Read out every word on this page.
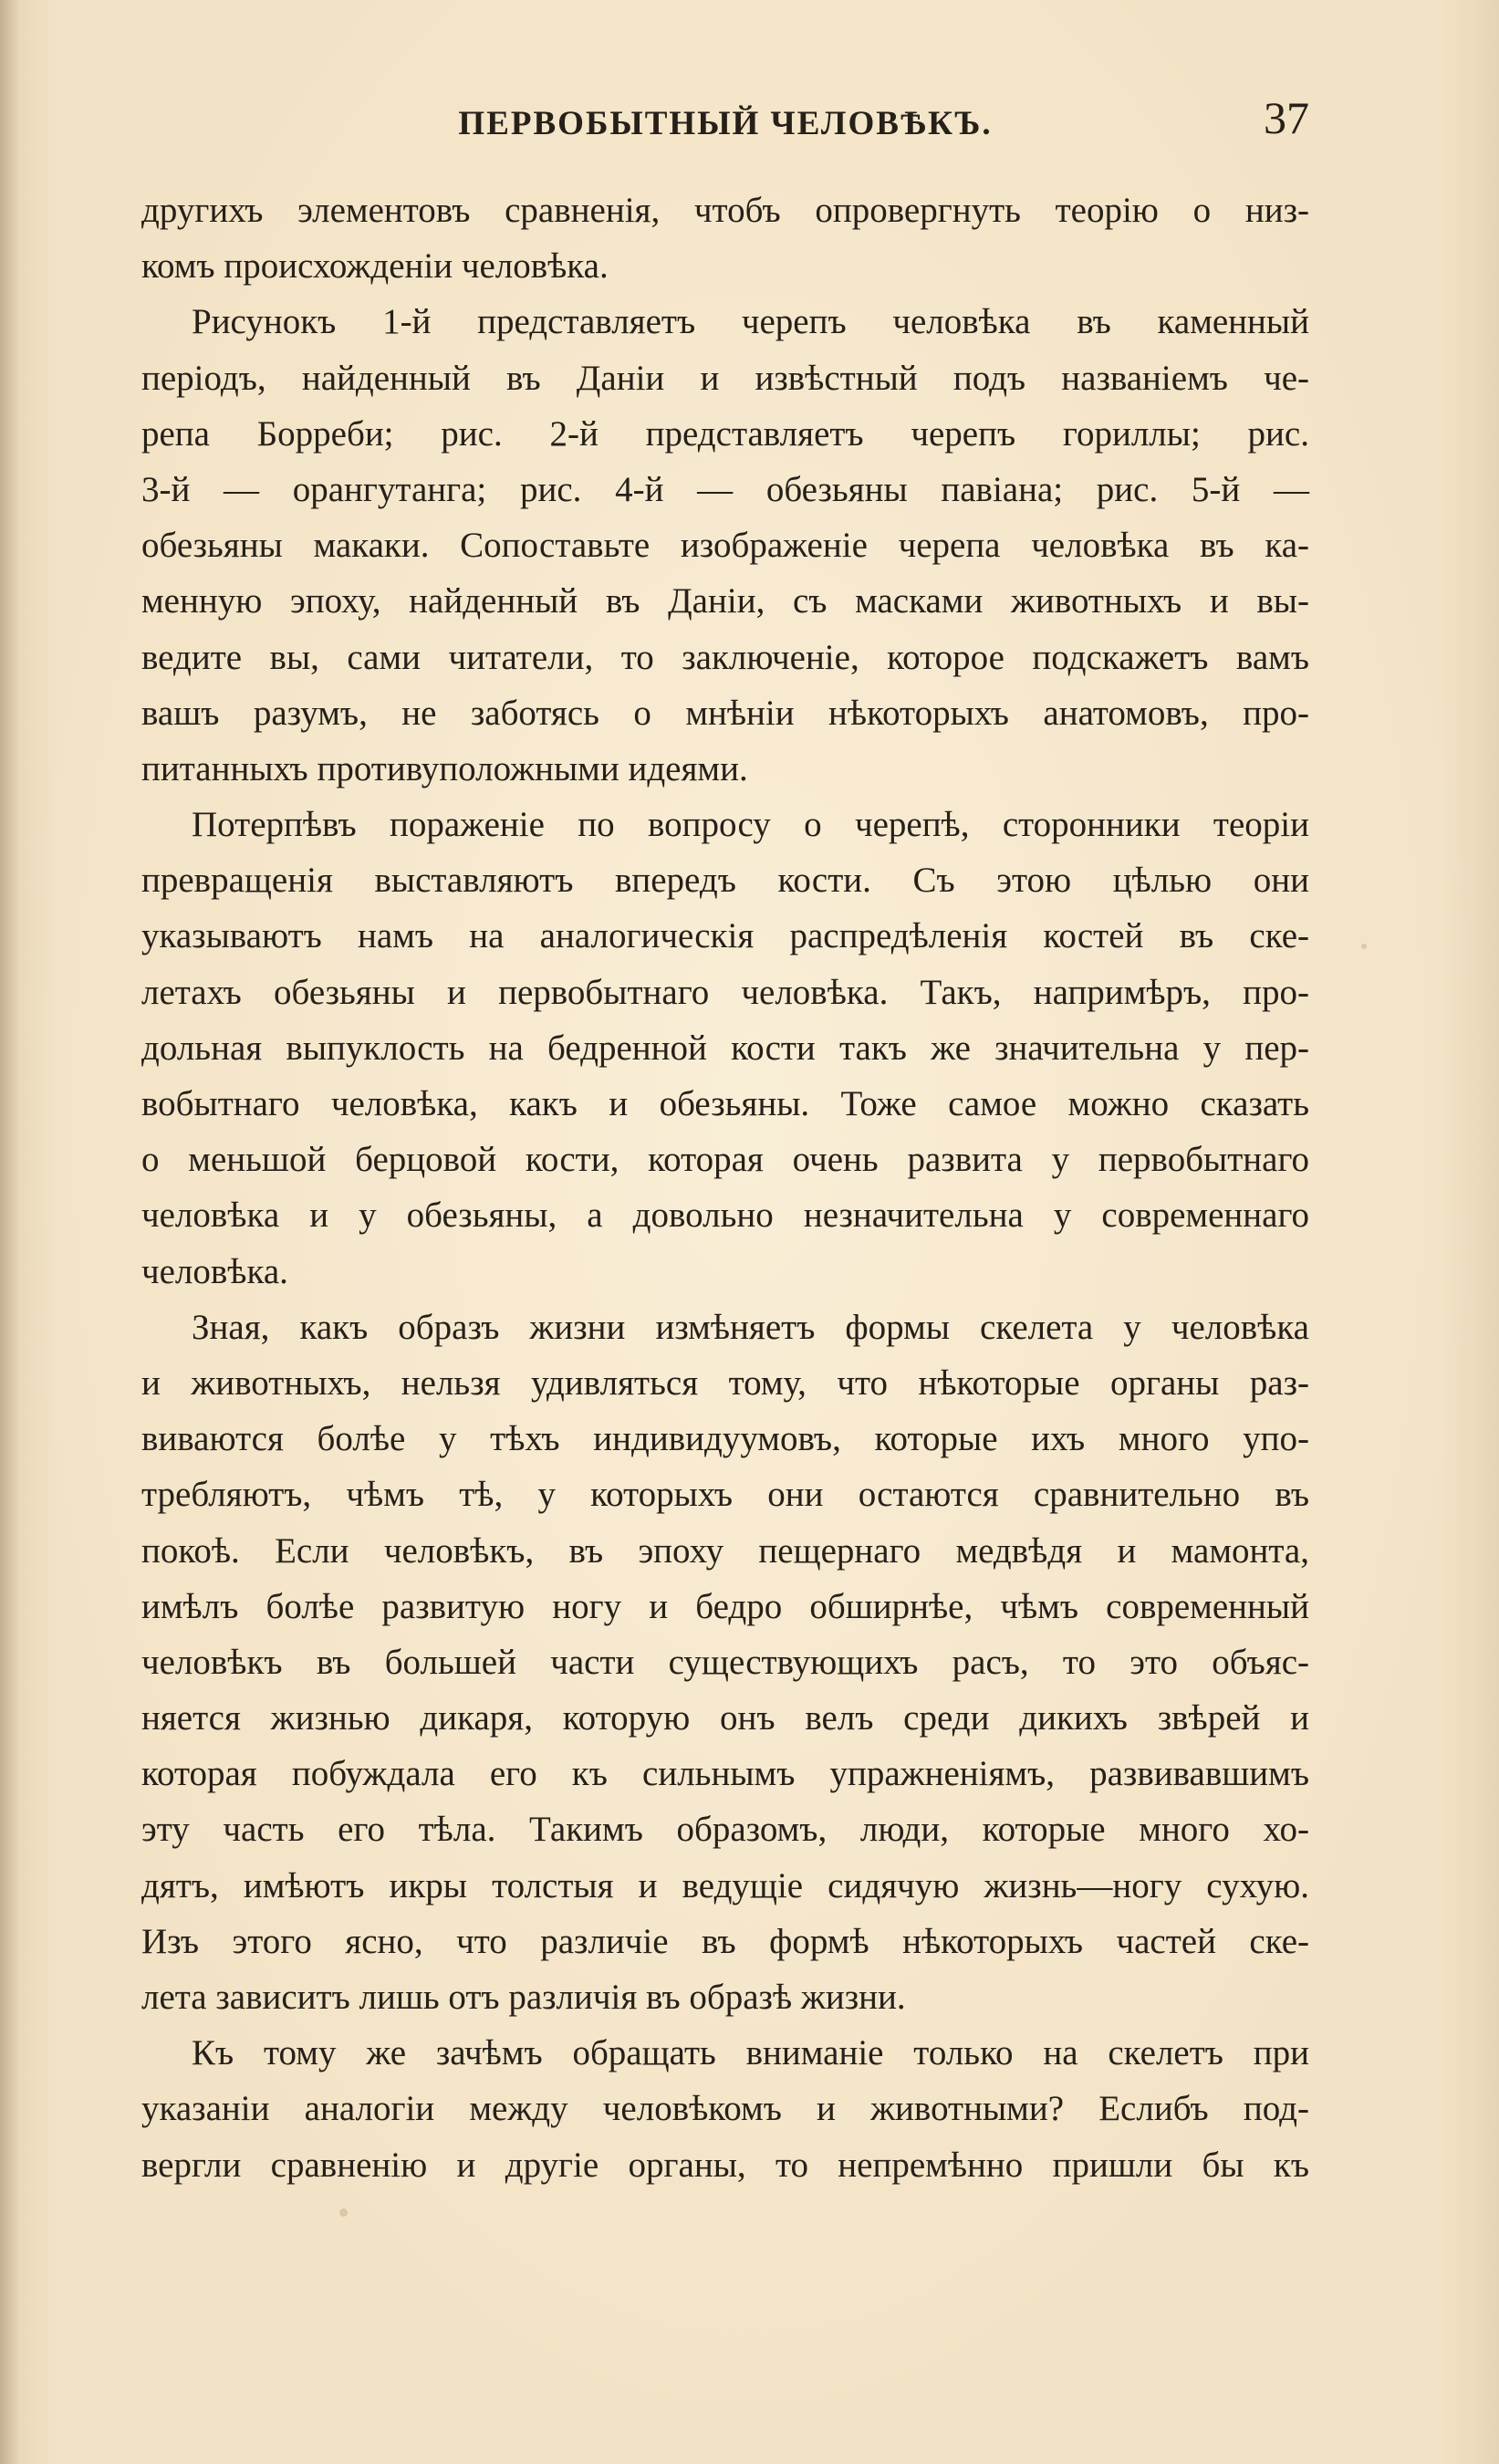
ПЕРВОБЫТНЫЙ ЧЕЛОВѢКЪ.	37
другихъ элементовъ сравненія, чтобъ опровергнуть теорію о низ-
комъ происхожденіи человѣка.
Рисунокъ 1-й представляетъ черепъ человѣка въ каменный
періодъ, найденный въ Даніи и извѣстный подъ названіемъ че-
репа Борреби; рис. 2-й представляетъ черепъ гориллы; рис.
3-й — орангутанга; рис. 4-й — обезьяны павіана; рис. 5-й —
обезьяны макаки. Сопоставьте изображеніе черепа человѣка въ ка-
менную эпоху, найденный въ Даніи, съ масками животныхъ и вы-
ведите вы, сами читатели, то заключеніе, которое подскажетъ вамъ
вашъ разумъ, не заботясь о мнѣніи нѣкоторыхъ анатомовъ, про-
питанныхъ противуположными идеями.
Потерпѣвъ пораженіе по вопросу о черепѣ, сторонники теоріи
превращенія выставляютъ впередъ кости. Съ этою цѣлью они
указываютъ намъ на аналогическія распредѣленія костей въ ске-
летахъ обезьяны и первобытнаго человѣка. Такъ, напримѣръ, про-
дольная выпуклость на бедренной кости такъ же значительна у пер-
вобытнаго человѣка, какъ и обезьяны. Тоже самое можно сказать
о меньшой берцовой кости, которая очень развита у первобытнаго
человѣка и у обезьяны, а довольно незначительна у современнаго
человѣка.
Зная, какъ образъ жизни измѣняетъ формы скелета у человѣка
и животныхъ, нельзя удивляться тому, что нѣкоторые органы раз-
виваются болѣе у тѣхъ индивидуумовъ, которые ихъ много упо-
требляютъ, чѣмъ тѣ, у которыхъ они остаются сравнительно въ
покоѣ. Если человѣкъ, въ эпоху пещернаго медвѣдя и мамонта,
имѣлъ болѣе развитую ногу и бедро обширнѣе, чѣмъ современный
человѣкъ въ большей части существующихъ расъ, то это объяс-
няется жизнью дикаря, которую онъ велъ среди дикихъ звѣрей и
которая побуждала его къ сильнымъ упражненіямъ, развивавшимъ
эту часть его тѣла. Такимъ образомъ, люди, которые много хо-
дятъ, имѣютъ икры толстыя и ведущіе сидячую жизнь—ногу сухую.
Изъ этого ясно, что различіе въ формѣ нѣкоторыхъ частей ске-
лета зависитъ лишь отъ различія въ образѣ жизни.
Къ тому же зачѣмъ обращать вниманіе только на скелетъ при
указаніи аналогіи между человѣкомъ и животными? Еслибъ под-
вергли сравненію и другіе органы, то непремѣнно пришли бы къ
